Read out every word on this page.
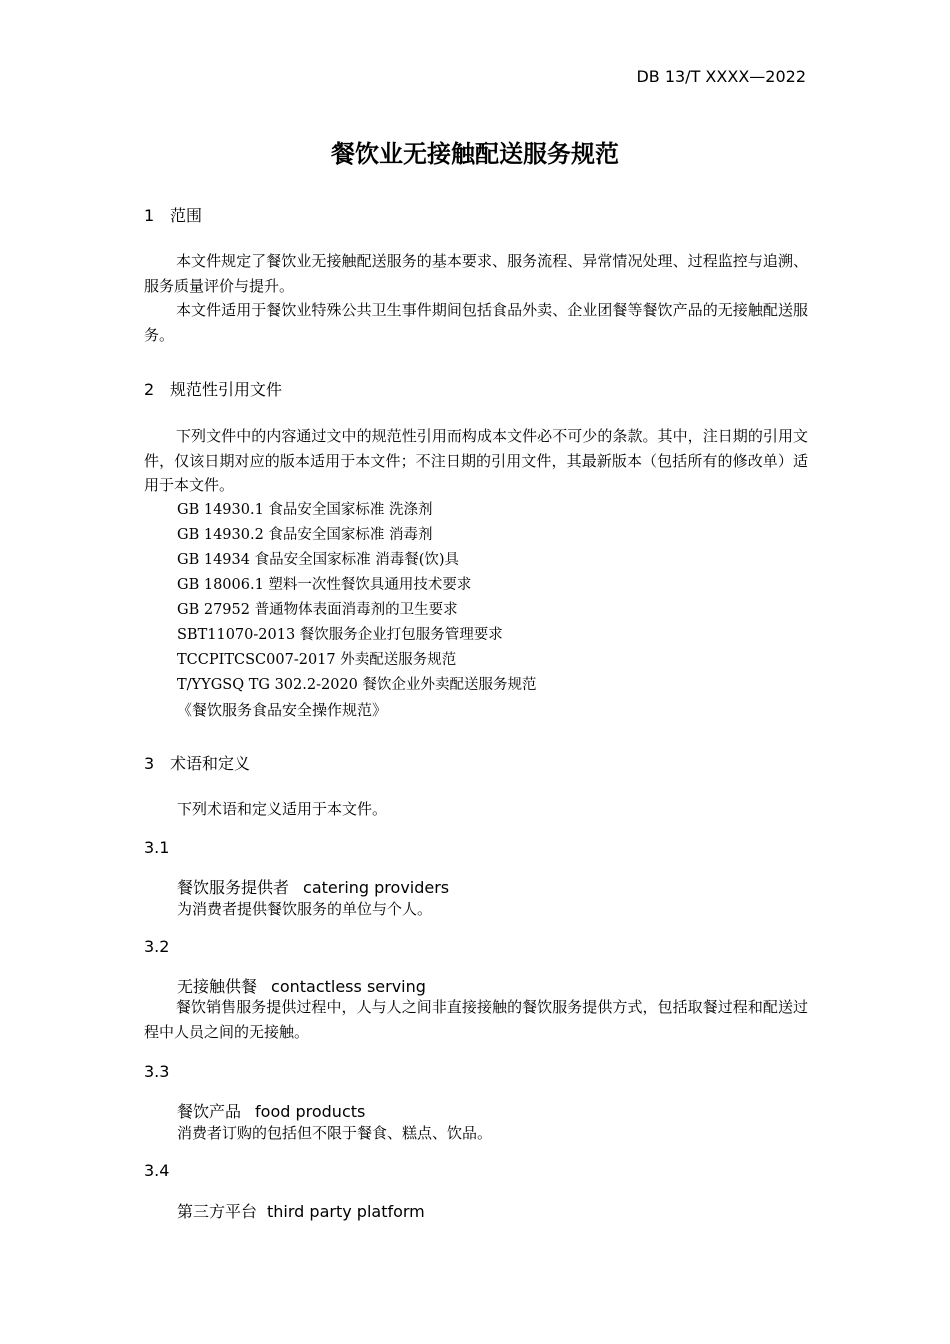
DB 13/T XXXX—2022
餐饮业无接触配送服务规范
1 范围
本文件规定了餐饮业无接触配送服务的基本要求、服务流程、异常情况处理、过程监控与追溯、服务质量评价与提升。
本文件适用于餐饮业特殊公共卫生事件期间包括食品外卖、企业团餐等餐饮产品的无接触配送服务。
2 规范性引用文件
下列文件中的内容通过文中的规范性引用而构成本文件必不可少的条款。其中，注日期的引用文件，仅该日期对应的版本适用于本文件；不注日期的引用文件，其最新版本（包括所有的修改单）适用于本文件。
GB 14930.1 食品安全国家标准 洗涤剂
GB 14930.2 食品安全国家标准 消毒剂
GB 14934 食品安全国家标准 消毒餐(饮)具
GB 18006.1 塑料一次性餐饮具通用技术要求
GB 27952 普通物体表面消毒剂的卫生要求
SBT11070-2013 餐饮服务企业打包服务管理要求
TCCPITCSC007-2017 外卖配送服务规范
T/YYGSQ TG 302.2-2020 餐饮企业外卖配送服务规范
《餐饮服务食品安全操作规范》
3 术语和定义
下列术语和定义适用于本文件。
3.1
餐饮服务提供者 catering providers
为消费者提供餐饮服务的单位与个人。
3.2
无接触供餐 contactless serving
餐饮销售服务提供过程中，人与人之间非直接接触的餐饮服务提供方式，包括取餐过程和配送过程中人员之间的无接触。
3.3
餐饮产品 food products
消费者订购的包括但不限于餐食、糕点、饮品。
3.4
第三方平台 third party platform
